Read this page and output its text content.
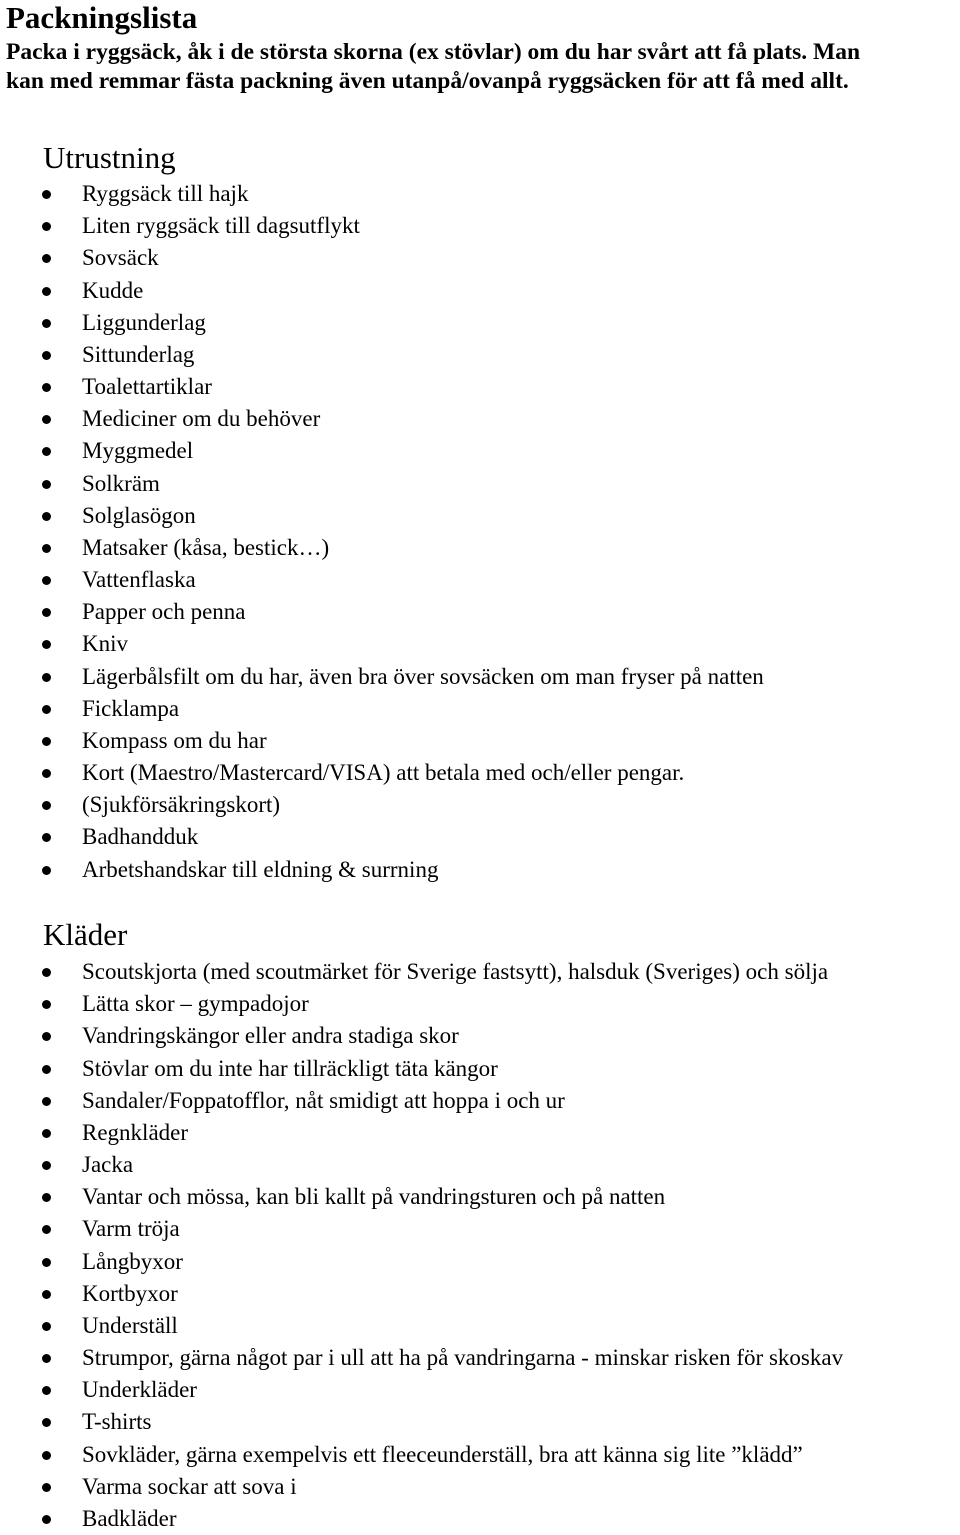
Packningslista

Packa i ryggsäck, åk i de största skorna (ex stövlar) om du har svårt att få plats. Man
kan med remmar fästa packning även utanpå/ovanpå ryggsäcken för att få med allt.

Utrustning
Ryggsäck till hajk
Liten ryggsäck till dagsutflykt
Sovsäck
Kudde
Liggunderlag
Sittunderlag
Toalettartiklar
Mediciner om du behöver
Myggmedel
Solkräm
Solglasögon
Matsaker (kåsa, bestick…)
Vattenflaska
Papper och penna
Kniv
Lägerbålsfilt om du har, även bra över sovsäcken om man fryser på natten
Ficklampa
Kompass om du har
Kort (Maestro/Mastercard/VISA) att betala med och/eller pengar.
(Sjukförsäkringskort)
Badhandduk
Arbetshandskar till eldning & surrning
Kläder
Scoutskjorta (med scoutmärket för Sverige fastsytt), halsduk (Sveriges) och sölja
Lätta skor – gympadojor
Vandringskängor eller andra stadiga skor
Stövlar om du inte har tillräckligt täta kängor
Sandaler/Foppatofflor, nåt smidigt att hoppa i och ur
Regnkläder
Jacka
Vantar och mössa, kan bli kallt på vandringsturen och på natten
Varm tröja
Långbyxor
Kortbyxor
Underställ
Strumpor, gärna något par i ull att ha på vandringarna - minskar risken för skoskav
Underkläder
T-shirts
Sovkläder, gärna exempelvis ett fleeceunderställ, bra att känna sig lite ”klädd”
Varma sockar att sova i
Badkläder
